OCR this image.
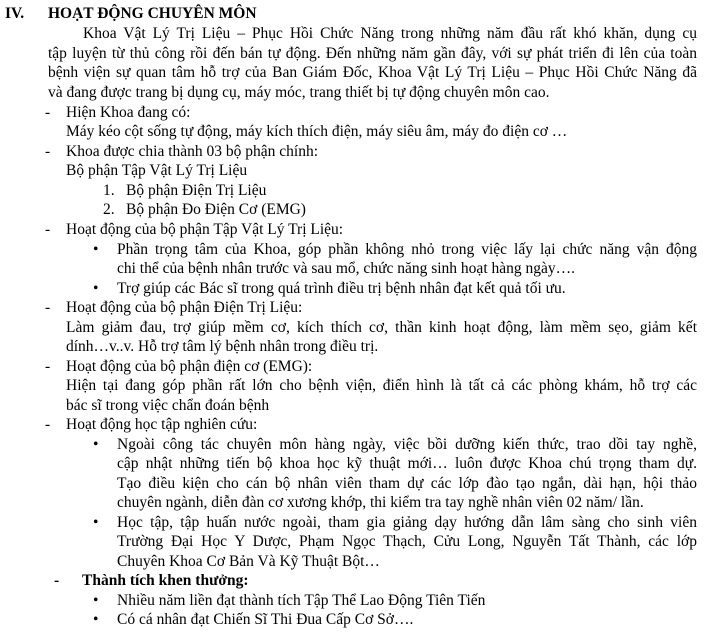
IV. HOẠT ĐỘNG CHUYÊN MÔN
Khoa Vật Lý Trị Liệu – Phục Hồi Chức Năng trong những năm đầu rất khó khăn, dụng cụ
tập luyện từ thủ công rồi đến bán tự động. Đến những năm gần đây, với sự phát triển đi lên của toàn
bệnh viện sự quan tâm hỗ trợ của Ban Giám Đốc, Khoa Vật Lý Trị Liệu – Phục Hồi Chức Năng đã
và đang được trang bị dụng cụ, máy móc, trang thiết bị tự động chuyên môn cao.
- Hiện Khoa đang có:
Máy kéo cột sống tự động, máy kích thích điện, máy siêu âm, máy đo điện cơ …
- Khoa được chia thành 03 bộ phận chính:
Bộ phận Tập Vật Lý Trị Liệu
1. Bộ phận Điện Trị Liệu
2. Bộ phận Đo Điện Cơ (EMG)
- Hoạt động của bộ phận Tập Vật Lý Trị Liệu:
• Phần trọng tâm của Khoa, góp phần không nhỏ trong việc lấy lại chức năng vận động
chi thể của bệnh nhân trước và sau mổ, chức năng sinh hoạt hàng ngày….
• Trợ giúp các Bác sĩ trong quá trình điều trị bệnh nhân đạt kết quả tối ưu.
- Hoạt động của bộ phận Điện Trị Liệu:
Làm giảm đau, trợ giúp mềm cơ, kích thích cơ, thần kinh hoạt động, làm mềm sẹo, giảm kết
dính…v..v. Hỗ trợ tâm lý bệnh nhân trong điều trị.
- Hoạt động của bộ phận điện cơ (EMG):
Hiện tại đang góp phần rất lớn cho bệnh viện, điển hình là tất cả các phòng khám, hỗ trợ các
bác sĩ trong việc chẩn đoán bệnh
- Hoạt động học tập nghiên cứu:
• Ngoài công tác chuyên môn hàng ngày, việc bồi dưỡng kiến thức, trao dồi tay nghề,
cập nhật những tiến bộ khoa học kỹ thuật mới… luôn được Khoa chú trọng tham dự.
Tạo điều kiện cho cán bộ nhân viên tham dự các lớp đào tạo ngắn, dài hạn, hội thảo
chuyên ngành, diễn đàn cơ xương khớp, thi kiểm tra tay nghề nhân viên 02 năm/ lần.
• Học tập, tập huấn nước ngoài, tham gia giảng dạy hướng dẫn lâm sàng cho sinh viên
Trường Đại Học Y Dược, Phạm Ngọc Thạch, Cửu Long, Nguyễn Tất Thành, các lớp
Chuyên Khoa Cơ Bản Và Kỹ Thuật Bột…
- Thành tích khen thưởng:
• Nhiều năm liền đạt thành tích Tập Thể Lao Động Tiên Tiến
• Có cá nhân đạt Chiến Sĩ Thi Đua Cấp Cơ Sở….
